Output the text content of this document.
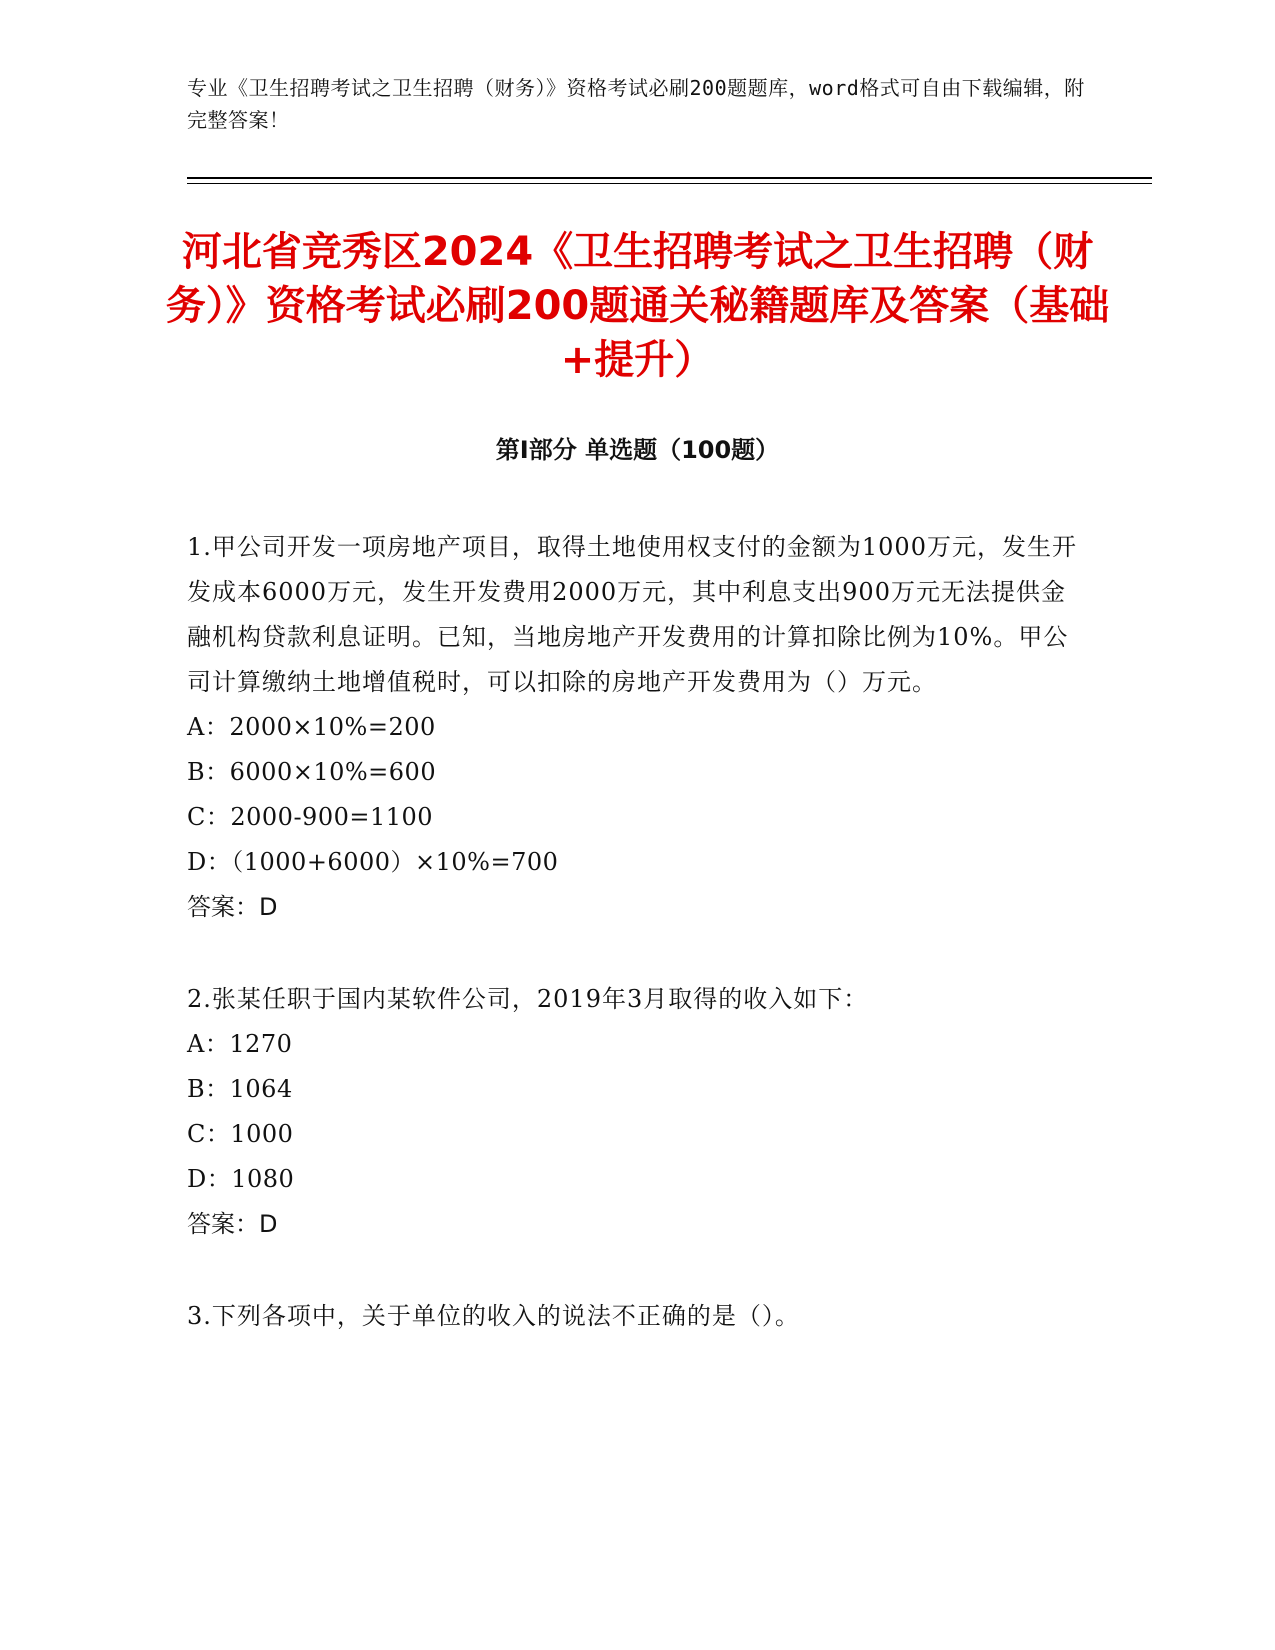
专业《卫生招聘考试之卫生招聘（财务）》资格考试必刷200题题库，word格式可自由下载编辑，附完整答案！
河北省竞秀区2024《卫生招聘考试之卫生招聘（财务）》资格考试必刷200题通关秘籍题库及答案（基础+提升）
第Ⅰ部分 单选题（100题）
1.甲公司开发一项房地产项目，取得土地使用权支付的金额为1000万元，发生开发成本6000万元，发生开发费用2000万元，其中利息支出900万元无法提供金融机构贷款利息证明。已知，当地房地产开发费用的计算扣除比例为10%。甲公司计算缴纳土地增值税时，可以扣除的房地产开发费用为（）万元。
A：2000×10%=200
B：6000×10%=600
C：2000-900=1100
D：（1000+6000）×10%=700
答案：D
2.张某任职于国内某软件公司，2019年3月取得的收入如下：
A：1270
B：1064
C：1000
D：1080
答案：D
3.下列各项中，关于单位的收入的说法不正确的是（）。
